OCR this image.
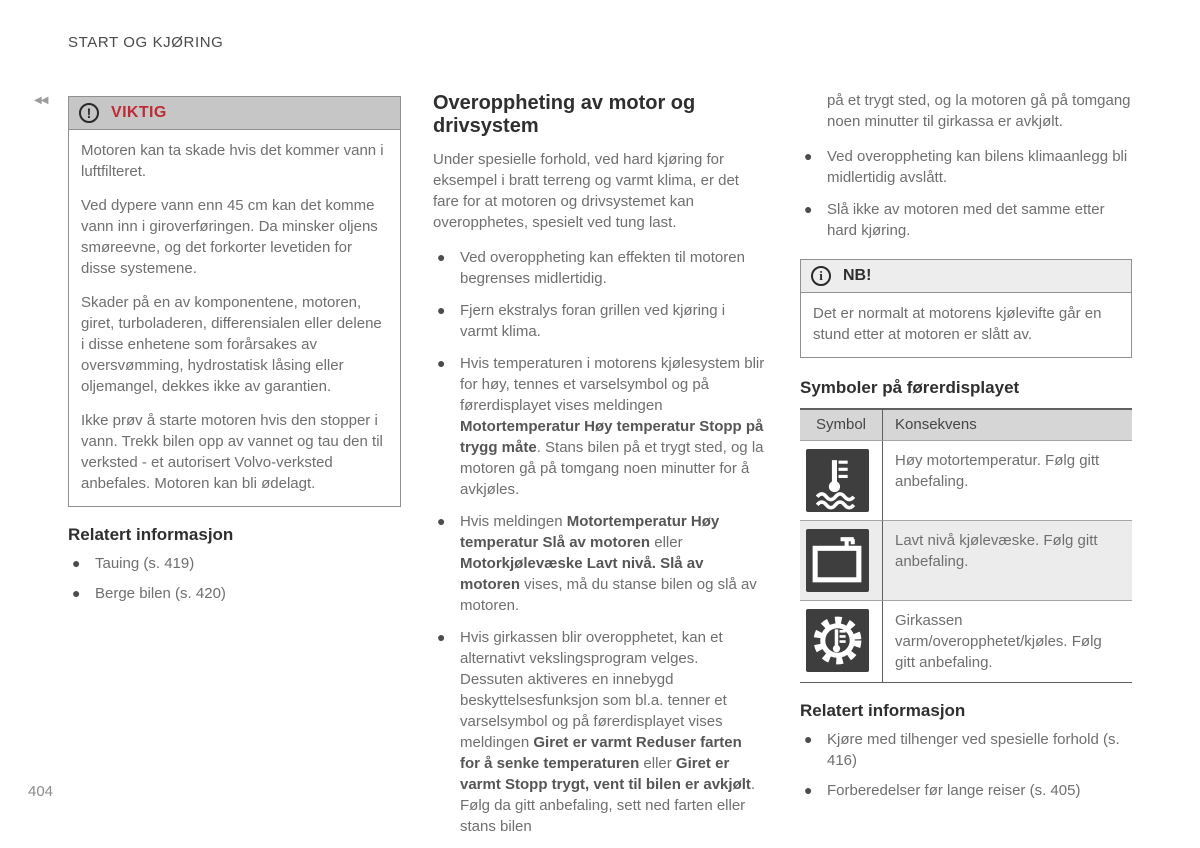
START OG KJØRING
◀◀
!	VIKTIG

Motoren kan ta skade hvis det kommer vann i luftfilteret.

Ved dypere vann enn 45 cm kan det komme vann inn i giroverføringen. Da minsker oljens smøreevne, og det forkorter levetiden for disse systemene.

Skader på en av komponentene, motoren, giret, turboladeren, differensialen eller delene i disse enhetene som forårsakes av oversvømming, hydrostatisk låsing eller oljemangel, dekkes ikke av garantien.

Ikke prøv å starte motoren hvis den stopper i vann. Trekk bilen opp av vannet og tau den til verksted - et autorisert Volvo-verksted anbefales. Motoren kan bli ødelagt.

Relatert informasjon
● Tauing (s. 419)
● Berge bilen (s. 420)
Overoppheting av motor og drivsystem

Under spesielle forhold, ved hard kjøring for eksempel i bratt terreng og varmt klima, er det fare for at motoren og drivsystemet kan overopphetes, spesielt ved tung last.

● Ved overoppheting kan effekten til motoren begrenses midlertidig.
● Fjern ekstralys foran grillen ved kjøring i varmt klima.
● Hvis temperaturen i motorens kjølesystem blir for høy, tennes et varselsymbol og på førerdisplayet vises meldingen Motortemperatur Høy temperatur Stopp på trygg måte. Stans bilen på et trygt sted, og la motoren gå på tomgang noen minutter for å avkjøles.
● Hvis meldingen Motortemperatur Høy temperatur Slå av motoren eller Motorkjølevæske Lavt nivå. Slå av motoren vises, må du stanse bilen og slå av motoren.
● Hvis girkassen blir overopphetet, kan et alternativt vekslingsprogram velges. Dessuten aktiveres en innebygd beskyttelsesfunksjon som bl.a. tenner et varselsymbol og på førerdisplayet vises meldingen Giret er varmt Reduser farten for å senke temperaturen eller Giret er varmt Stopp trygt, vent til bilen er avkjølt. Følg da gitt anbefaling, sett ned farten eller stans bilen

på et trygt sted, og la motoren gå på tomgang noen minutter til girkassa er avkjølt.

● Ved overoppheting kan bilens klimaanlegg bli midlertidig avslått.
● Slå ikke av motoren med det samme etter hard kjøring.
i	NB!

Det er normalt at motorens kjølevifte går en stund etter at motoren er slått av.

Symboler på førerdisplayet
Symbol	Konsekvens
Høy motortemperatur. Følg gitt anbefaling.
Lavt nivå kjølevæske. Følg gitt anbefaling.
Girkassen varm/overopphetet/kjøles. Følg gitt anbefaling.
Relatert informasjon
● Kjøre med tilhenger ved spesielle forhold (s. 416)
● Forberedelser før lange reiser (s. 405)
404
